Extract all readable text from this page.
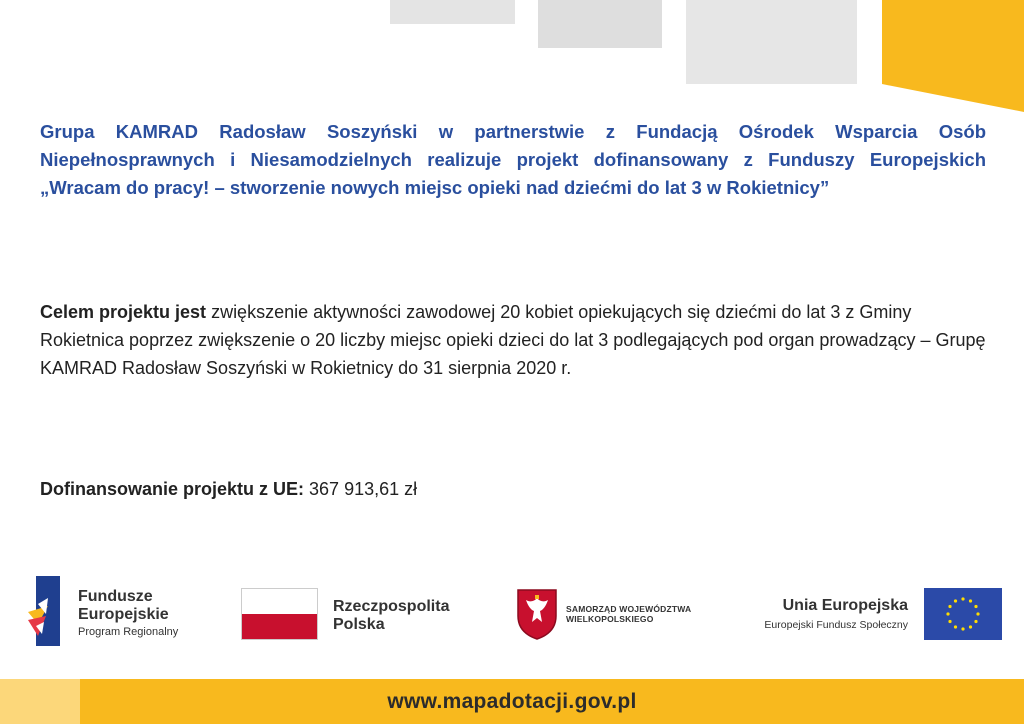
Grupa KAMRAD Radosław Soszyński w partnerstwie z Fundacją Ośrodek Wsparcia Osób Niepełnosprawnych i Niesamodzielnych realizuje projekt dofinansowany z Funduszy Europejskich „Wracam do pracy! – stworzenie nowych miejsc opieki nad dziećmi do lat 3 w Rokietnicy”

Celem projektu jest zwiększenie aktywności zawodowej 20 kobiet opiekujących się dziećmi do lat 3 z Gminy Rokietnica poprzez zwiększenie o 20 liczby miejsc opieki dzieci do lat 3 podlegających pod organ prowadzący – Grupę KAMRAD Radosław Soszyński w Rokietnicy do 31 sierpnia 2020 r.

Dofinansowanie projektu z UE: 367 913,61 zł

Fundusze
Europejskie
Program Regionalny
Rzeczpospolita
Polska
SAMORZĄD WOJEWÓDZTWA
WIELKOPOLSKIEGO
Unia Europejska
Europejski Fundusz Społeczny
www.mapadotacji.gov.pl
